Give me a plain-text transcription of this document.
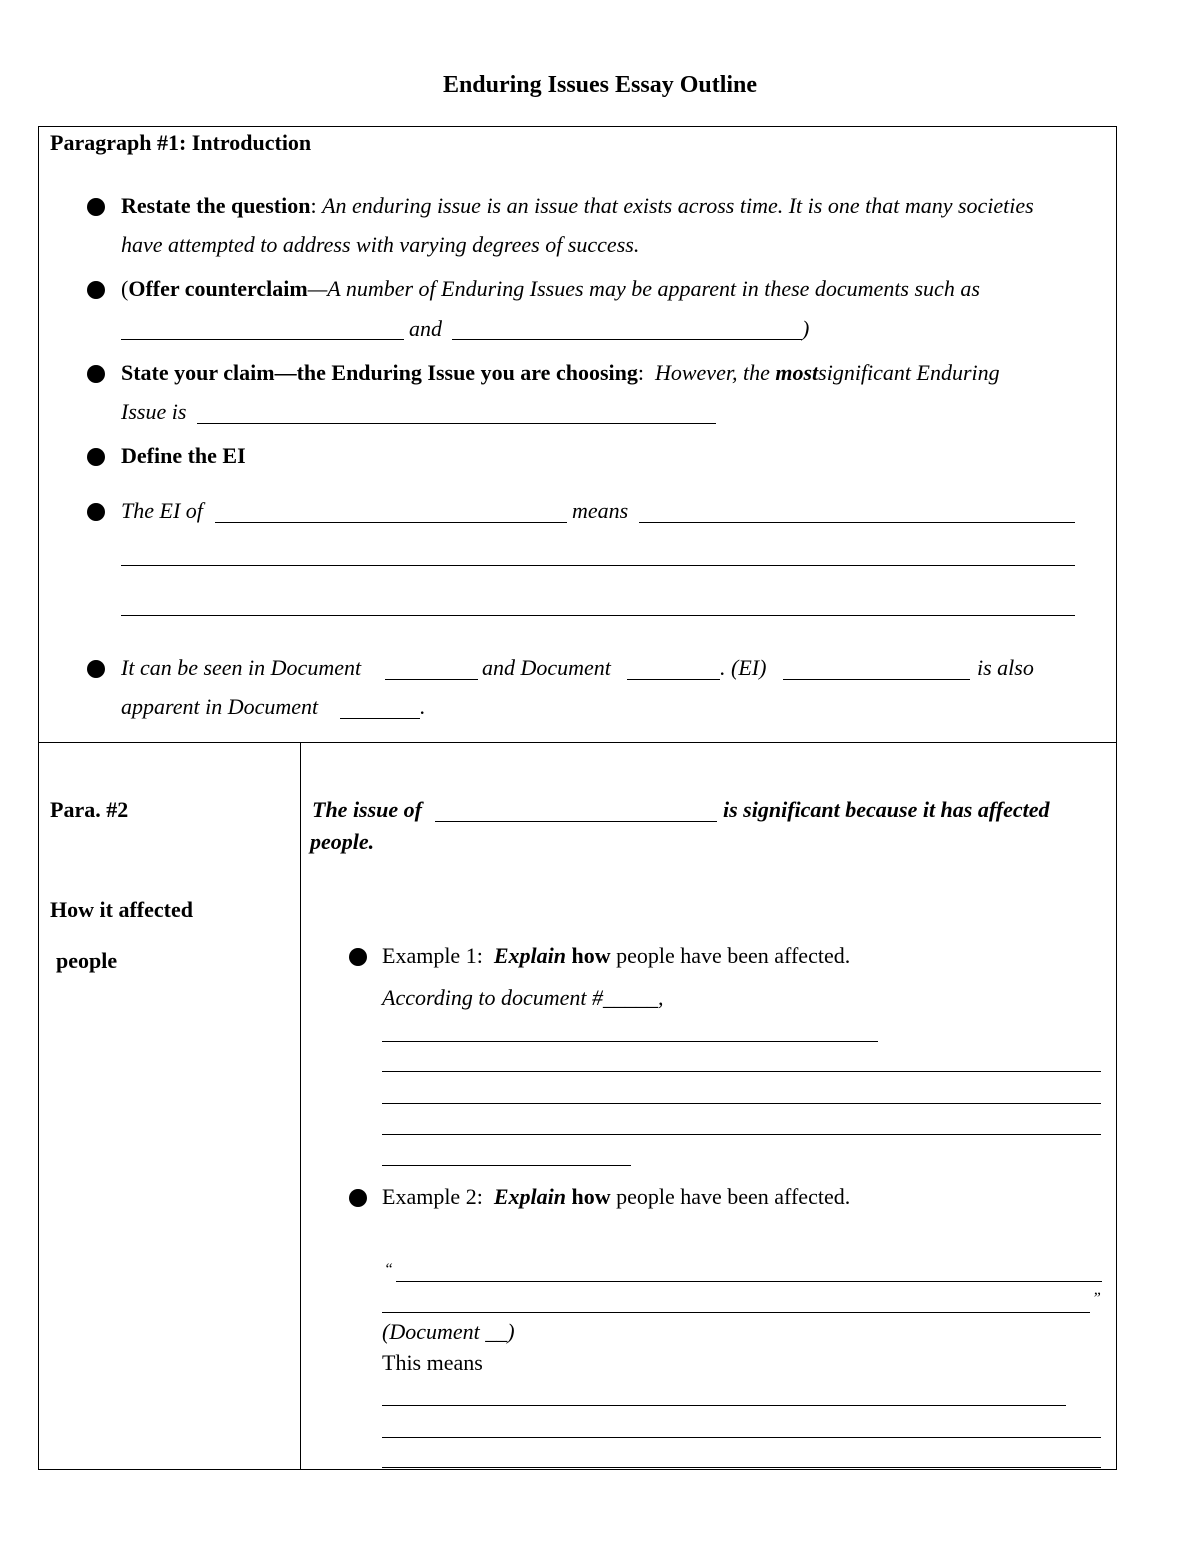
Enduring Issues Essay Outline
Paragraph #1: Introduction
Restate the question: An enduring issue is an issue that exists across time. It is one that many societies
have attempted to address with varying degrees of success.
(Offer counterclaim—A number of Enduring Issues may be apparent in these documents such as
and	)
State your claim—the Enduring Issue you are choosing: However, the mostsignificant Enduring
Issue is
Define the EI
The EI of	means
It can be seen in Document	and Document	. (EI)	is also
apparent in Document	.
Para. #2
How it affected
people
The issue of	is significant because it has affected
people.
Example 1: Explain how people have been affected.
According to document #_____,
Example 2: Explain how people have been affected.
“
”
(Document __)
This means
